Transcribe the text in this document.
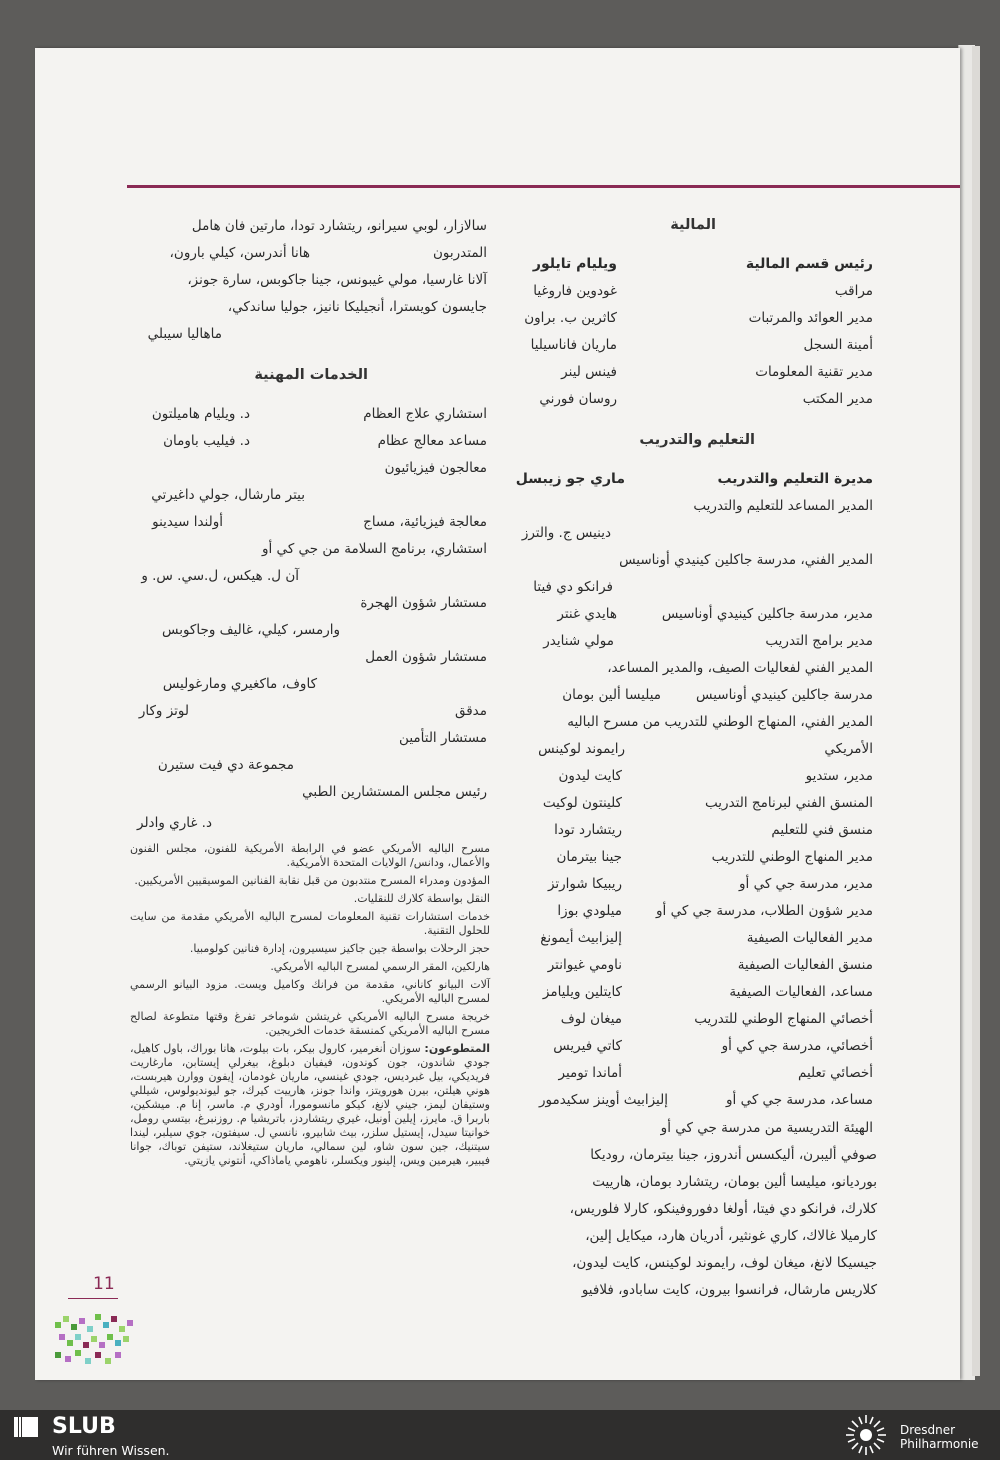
المالية
رئيس قسم المالية
ويليام تايلور
مراقب
غودوين فاروغيا
مدير العوائد والمرتبات
كاثرين ب. براون
أمينة السجل
ماريان فاناسيليا
مدير تقنية المعلومات
فينس لينر
مدير المكتب
روسان فورني
التعليم والتدريب
مديرة التعليم والتدريب
ماري جو زيبسل
المدير المساعد للتعليم والتدريب
دينيس ج. والترز
المدير الفني، مدرسة جاكلين كينيدي أوناسيس
فرانكو دي فيتا
مدير، مدرسة جاكلين كينيدي أوناسيس
هايدي غنتر
مدير برامج التدريب
مولي شنايدر
المدير الفني لفعاليات الصيف، والمدير المساعد،
مدرسة جاكلين كينيدي أوناسيس
ميليسا ألين بومان
المدير الفني، المنهاج الوطني للتدريب من مسرح الباليه
الأمريكي
رايموند لوكينس
مدير، ستديو
كايت ليدون
المنسق الفني لبرنامج التدريب
كلينتون لوكيت
منسق فني للتعليم
ريتشارد تودا
مدير المنهاج الوطني للتدريب
جينا بيترمان
مدير، مدرسة جي كي أو
ريبيكا شوارتز
مدير شؤون الطلاب، مدرسة جي كي أو
ميلودي بوزا
مدير الفعاليات الصيفية
إليزابيث أيمونغ
منسق الفعاليات الصيفية
ناومي غيوانتر
مساعد، الفعاليات الصيفية
كايتلين ويليامز
أخصائي المنهاج الوطني للتدريب
ميغان لوف
أخصائي، مدرسة جي كي أو
كاتي فيريس
أخصائي تعليم
أماندا تومير
مساعد، مدرسة جي كي أو
إليزابيث أوينز سكيدمور
الهيئة التدريسية من مدرسة جي كي أو
صوفي أليبرن، أليكسس أندروز، جينا بيترمان، روديكا
بورديانو، ميليسا ألين بومان، ريتشارد بومان، هارييت
كلارك، فرانكو دي فيتا، أولغا دفوروفينكو، كارلا فلوريس،
كارميلا غالاك، كاري غونثير، أدريان هارد، ميكايل إلين،
جيسيكا لانغ، ميغان لوف، رايموند لوكينس، كايت ليدون،
كلاريس مارشال، فرانسوا بيرون، كايت سابادو، فلافيو
سالازار، لوبي سيرانو، ريتشارد تودا، مارتين فان هامل
المتدربون
هانا أندرسن، كيلي بارون،
آلانا غارسيا، مولي غيبونس، جينا جاكوبس، سارة جونز،
جايسون كويسترا، أنجيليكا نانيز، جوليا ساندكي،
ماهاليا سيبلي
الخدمات المهنية
استشاري علاج العظام
د. ويليام هاميلتون
مساعد معالج عظام
د. فيليب باومان
معالجون فيزيائيون
بيتر مارشال، جولي داغيرتي
معالجة فيزيائية، مساج
أولندا سيدينو
استشاري، برنامج السلامة من جي كي أو
آن ل. هيكس، ل.سي. س. و
مستشار شؤون الهجرة
وارمسر، كيلي، غاليف وجاكوبس
مستشار شؤون العمل
كاوف، ماكغيري ومارغوليس
مدقق
لوتز وكار
مستشار التأمين
مجموعة دي فيت ستيرن
رئيس مجلس المستشارين الطبي
د. غاري وادلر
مسرح الباليه الأمريكي عضو في الرابطة الأمريكية للفنون، مجلس الفنون والأعمال، ودانس/ الولايات المتحدة الأمريكية.
المؤدون ومدراء المسرح منتدبون من قبل نقابة الفنانين الموسيقيين الأمريكيين.
النقل بواسطة كلارك للنقليات.
خدمات استشارات تقنية المعلومات لمسرح الباليه الأمريكي مقدمة من سايت للحلول التقنية.
حجز الرحلات بواسطة جين جاكيز سيسيرون، إدارة فنانين كولومبيا.
هارلكين، المقر الرسمي لمسرح الباليه الأمريكي.
آلات البيانو كاناني، مقدمة من فرانك وكاميل ويست. مزود البيانو الرسمي لمسرح الباليه الأمريكي.
خريجة مسرح الباليه الأمريكي غريتشن شوماخر تفرغ وقتها متطوعة لصالح مسرح الباليه الأمريكي كمنسقة خدمات الخريجين.
المتطوعون: سوزان أنغرمير، كارول بيكر، بات بيلوت، هانا بوراك، باول كاهيل، جودي شاندون، جون كوندون، فيفيان دبلوغ، بيغرلي إيستابن، مارغاريت فريديكي، بيل غبرديس، جودي غينسي، ماريان غودمان، إيفون ووارن هيربست، هوني هيلتن، بيرن هورويتز، واندا جونز، هارييت كيرك، جو ليونديولوس، شيللي وستيفان ليمز، جيني لانغ، كيكو مانسومورا، أودري م. ماسر، إنا م. ميشكين، باربرا ق. مايرز، إيلين أونيل، غيري ريتشاردز، باتريشيا م. روزنبرغ، بيتسي رومل، خوانيتا سيدل، إيستيل سلزر، بيث شابيرو، نانسي ل. سيفتون، جوي سيلبر، ليندا سيتنيك، جين سون شاو، لين سمالي، ماريان ستيغلاند، ستيفن توباك، جوانا فيبير، هيرمين ويس، إلينور ويكسلر، ناهومي ياماذاكي، أنتوني يازيتي.
11
SLUB
Wir führen Wissen.
Dresdner
Philharmonie
